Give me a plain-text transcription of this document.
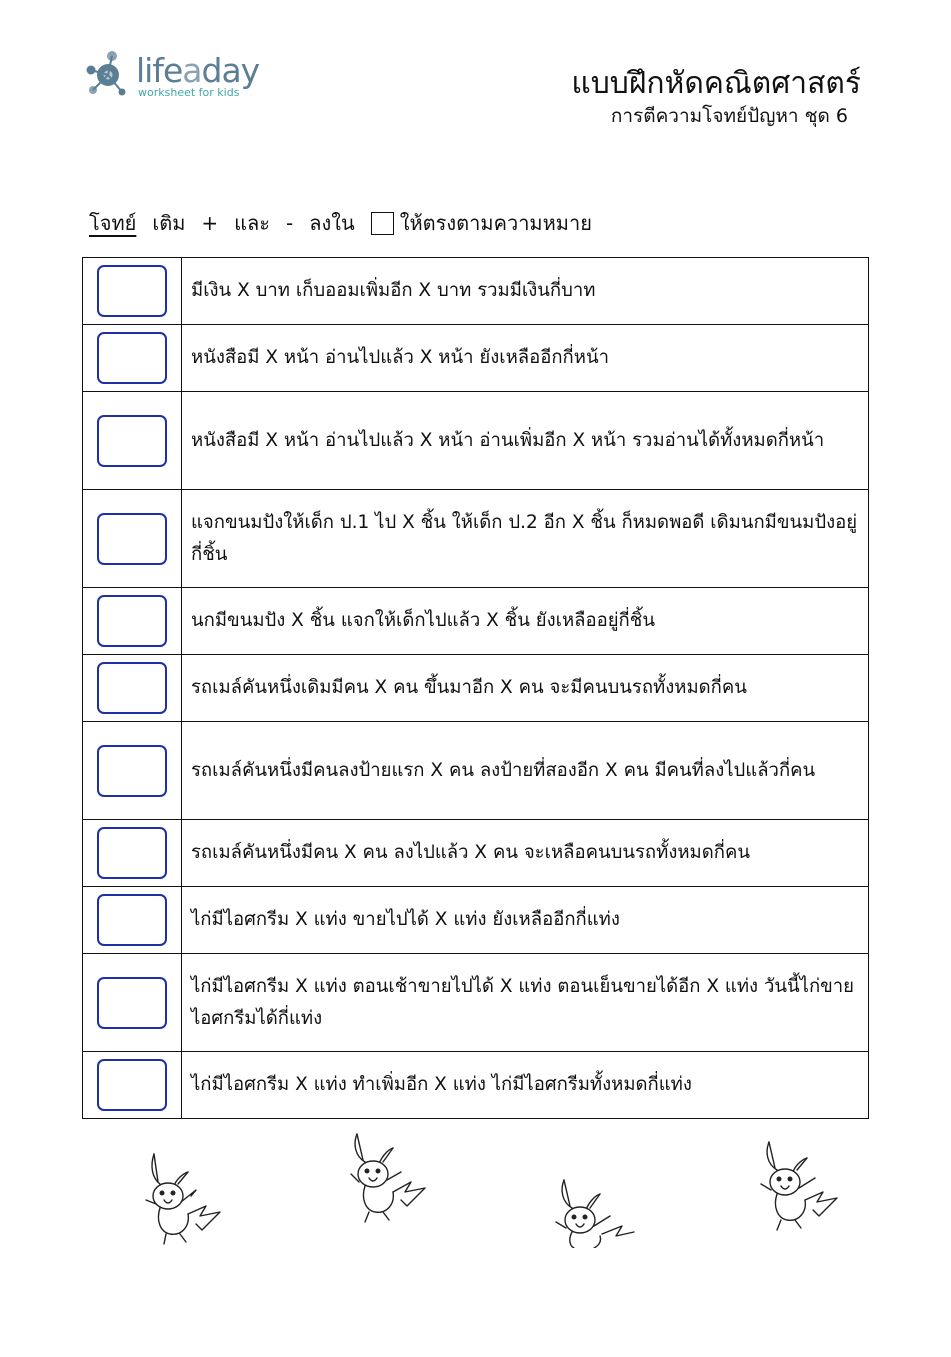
lifeaday
worksheet for kids	แบบฝึกหัดคณิตศาสตร์
การตีความโจทย์ปัญหา ชุด 6
โจทย์ เติม + และ - ลงใน ให้ตรงตามความหมาย
	มีเงิน X บาท เก็บออมเพิ่มอีก X บาท รวมมีเงินกี่บาท

	หนังสือมี X หน้า อ่านไปแล้ว X หน้า ยังเหลืออีกกี่หน้า

	หนังสือมี X หน้า อ่านไปแล้ว X หน้า อ่านเพิ่มอีก X หน้า รวมอ่านได้ทั้งหมดกี่หน้า

	แจกขนมปังให้เด็ก ป.1 ไป X ชิ้น ให้เด็ก ป.2 อีก X ชิ้น ก็หมดพอดี เดิมนกมีขนมปังอยู่กี่ชิ้น

	นกมีขนมปัง X ชิ้น แจกให้เด็กไปแล้ว X ชิ้น ยังเหลืออยู่กี่ชิ้น

	รถเมล์คันหนึ่งเดิมมีคน X คน ขึ้นมาอีก X คน จะมีคนบนรถทั้งหมดกี่คน

	รถเมล์คันหนึ่งมีคนลงป้ายแรก X คน ลงป้ายที่สองอีก X คน มีคนที่ลงไปแล้วกี่คน

	รถเมล์คันหนึ่งมีคน X คน ลงไปแล้ว X คน จะเหลือคนบนรถทั้งหมดกี่คน

	ไก่มีไอศกรีม X แท่ง ขายไปได้ X แท่ง ยังเหลืออีกกี่แท่ง

	ไก่มีไอศกรีม X แท่ง ตอนเช้าขายไปได้ X แท่ง ตอนเย็นขายได้อีก X แท่ง วันนี้ไก่ขายไอศกรีมได้กี่แท่ง

	ไก่มีไอศกรีม X แท่ง ทำเพิ่มอีก X แท่ง ไก่มีไอศกรีมทั้งหมดกี่แท่ง
